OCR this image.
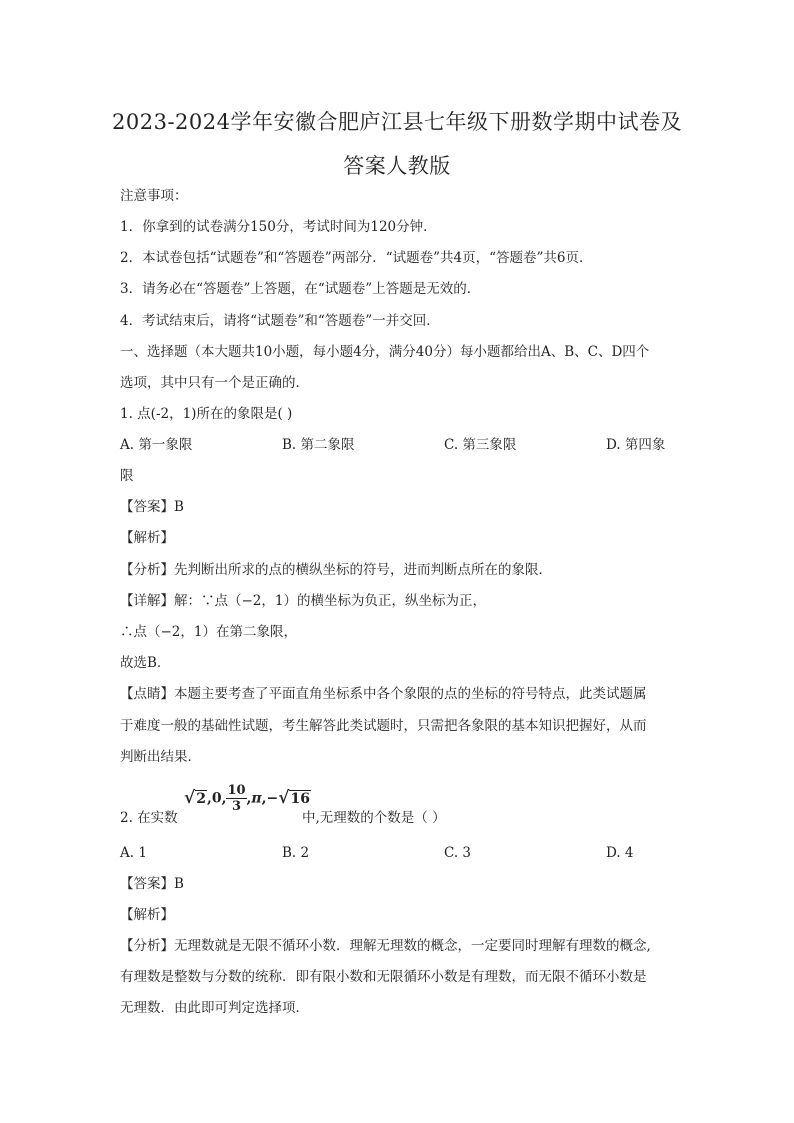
2023-2024学年安徽合肥庐江县七年级下册数学期中试卷及
答案人教版
注意事项：
1．你拿到的试卷满分150分，考试时间为120分钟．
2．本试卷包括“试题卷”和“答题卷”两部分．“试题卷”共4页，“答题卷”共6页．
3．请务必在“答题卷”上答题，在“试题卷”上答题是无效的．
4．考试结束后，请将“试题卷”和“答题卷”一并交回．
一、选择题（本大题共10小题，每小题4分，满分40分）每小题都给出A、B、C、D四个
选项，其中只有一个是正确的．
1. 点(-2，1)所在的象限是( )
A. 第一象限	B. 第二象限	C. 第三象限	D. 第四象
限
【答案】B
【解析】
【分析】先判断出所求的点的横纵坐标的符号，进而判断点所在的象限．
【详解】解：∵点（−2，1）的横坐标为负正，纵坐标为正，
∴点（−2，1）在第二象限，
故选B．
【点睛】本题主要考查了平面直角坐标系中各个象限的点的坐标的符号特点，此类试题属
于难度一般的基础性试题，考生解答此类试题时，只需把各象限的基本知识把握好，从而
判断出结果．
2. 在实数
√2,0, $\frac{10}{3} ,\pi,-√16$
中,无理数的个数是（ ）
A. 1	B. 2	C. 3	D. 4
【答案】B
【解析】
【分析】无理数就是无限不循环小数．理解无理数的概念，一定要同时理解有理数的概念,
有理数是整数与分数的统称．即有限小数和无限循环小数是有理数，而无限不循环小数是
无理数．由此即可判定选择项．
